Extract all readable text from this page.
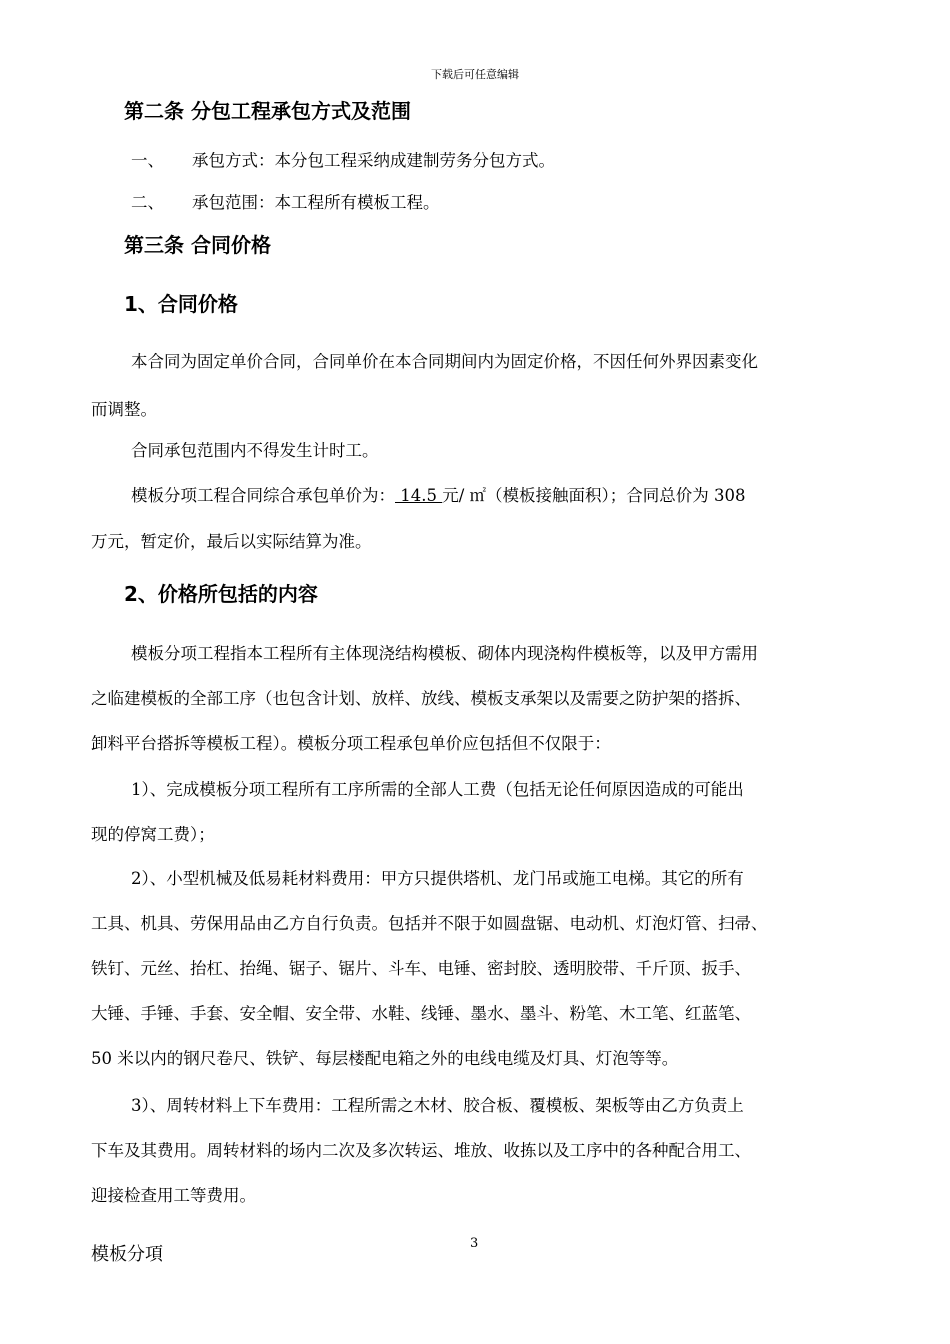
下载后可任意编辑
第二条 分包工程承包方式及范围
一、 承包方式：本分包工程采纳成建制劳务分包方式。
二、 承包范围：本工程所有模板工程。
第三条 合同价格
1、合同价格
本合同为固定单价合同，合同单价在本合同期间内为固定价格，不因任何外界因素变化
而调整。
合同承包范围内不得发生计时工。
模板分项工程合同综合承包单价为： 14.5 元/ ㎡（模板接触面积）；合同总价为 308
万元，暂定价，最后以实际结算为准。
2、价格所包括的内容
模板分项工程指本工程所有主体现浇结构模板、砌体内现浇构件模板等，以及甲方需用
之临建模板的全部工序（也包含计划、放样、放线、模板支承架以及需要之防护架的搭拆、
卸料平台搭拆等模板工程）。模板分项工程承包单价应包括但不仅限于：
1）、完成模板分项工程所有工序所需的全部人工费（包括无论任何原因造成的可能出
现的停窝工费）；
2）、小型机械及低易耗材料费用：甲方只提供塔机、龙门吊或施工电梯。其它的所有
工具、机具、劳保用品由乙方自行负责。包括并不限于如圆盘锯、电动机、灯泡灯管、扫帚、
铁钉、元丝、抬杠、抬绳、锯子、锯片、斗车、电锤、密封胶、透明胶带、千斤顶、扳手、
大锤、手锤、手套、安全帽、安全带、水鞋、线锤、墨水、墨斗、粉笔、木工笔、红蓝笔、
50 米以内的钢尺卷尺、铁铲、每层楼配电箱之外的电线电缆及灯具、灯泡等等。
3）、周转材料上下车费用：工程所需之木材、胶合板、覆模板、架板等由乙方负责上
下车及其费用。周转材料的场内二次及多次转运、堆放、收拣以及工序中的各种配合用工、
迎接检查用工等费用。
模板分項
3
